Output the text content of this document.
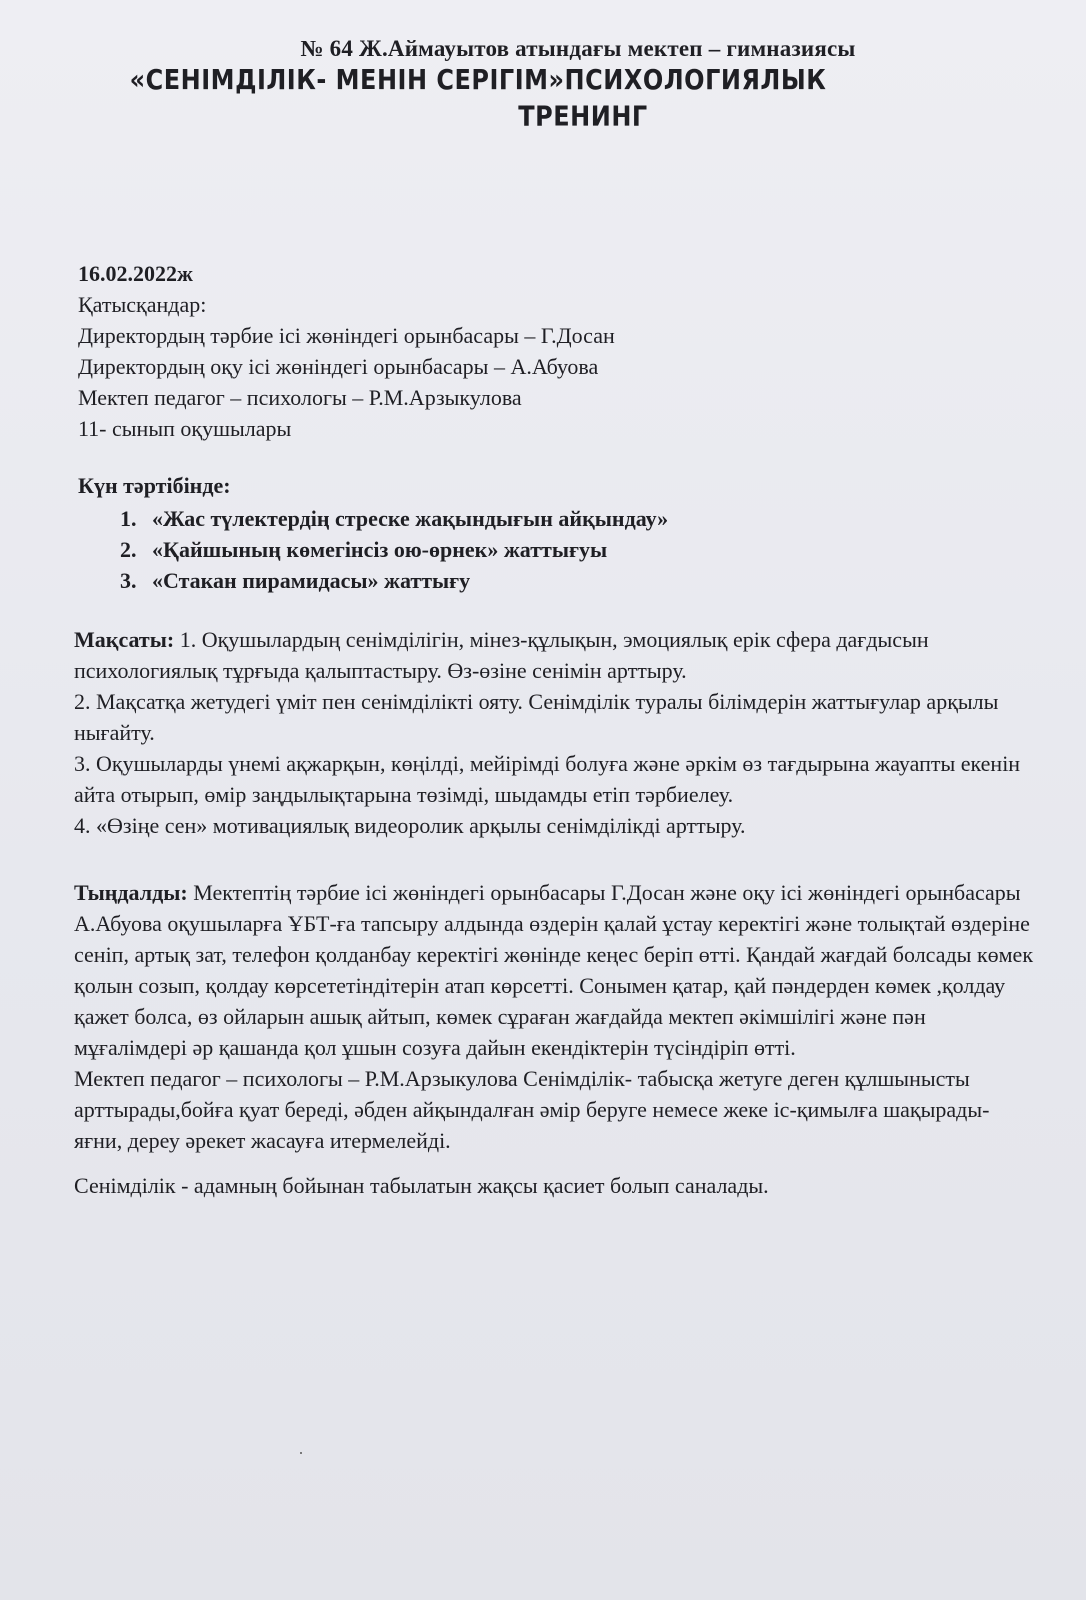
№ 64 Ж.Аймауытов атындағы мектеп – гимназиясы
«СЕНІМДІЛІК- МЕНІН СЕРІГІМ»ПСИХОЛОГИЯЛЫК
ТРЕНИНГ
16.02.2022ж
Қатысқандар:
Директордың тәрбие ісі жөніндегі орынбасары – Г.Досан
Директордың оқу ісі жөніндегі орынбасары – А.Абуова
Мектеп педагог – психологы – Р.М.Арзыкулова
11- сынып оқушылары
Күн тәртібінде:
1. «Жас түлектердің стреске жақындығын айқындау»
2. «Қайшының көмегінсіз ою-өрнек» жаттығуы
3. «Стакан пирамидасы» жаттығу
Мақсаты: 1. Оқушылардың сенімділігін, мінез-құлықын, эмоциялық ерік сфера дағдысын психологиялық тұрғыда қалыптастыру. Өз-өзіне сенімін арттыру.
2. Мақсатқа жетудегі үміт пен сенімділікті ояту. Сенімділік туралы білімдерін жаттығулар арқылы нығайту.
3. Оқушыларды үнемі ақжарқын, көңілді, мейірімді болуға және әркім өз тағдырына жауапты екенін айта отырып, өмір заңдылықтарына төзімді, шыдамды етіп тәрбиелеу.
4. «Өзіңе сен» мотивациялық видеоролик арқылы сенімділікді арттыру.
Тыңдалды: Мектептің тәрбие ісі жөніндегі орынбасары Г.Досан және оқу ісі жөніндегі орынбасары А.Абуова оқушыларға ҰБТ-ға тапсыру алдында өздерін қалай ұстау керектігі және толықтай өздеріне сеніп, артық зат, телефон қолданбау керектігі жөнінде кеңес беріп өтті. Қандай жағдай болсады көмек қолын созып, қолдау көрсететіндітерін атап көрсетті. Сонымен қатар, қай пәндерден көмек ,қолдау қажет болса, өз ойларын ашық айтып, көмек сұраған жағдайда мектеп әкімшілігі және пән мұғалімдері әр қашанда қол ұшын созуға дайын екендіктерін түсіндіріп өтті.
Мектеп педагог – психологы – Р.М.Арзыкулова Сенімділік- табысқа жетуге деген құлшынысты арттырады,бойға қуат береді, әбден айқындалған әмір беруге немесе жеке іс-қимылға шақырады-яғни, дереу әрекет жасауға итермелейді.
Сенімділік - адамның бойынан табылатын жақсы қасиет болып саналады.
